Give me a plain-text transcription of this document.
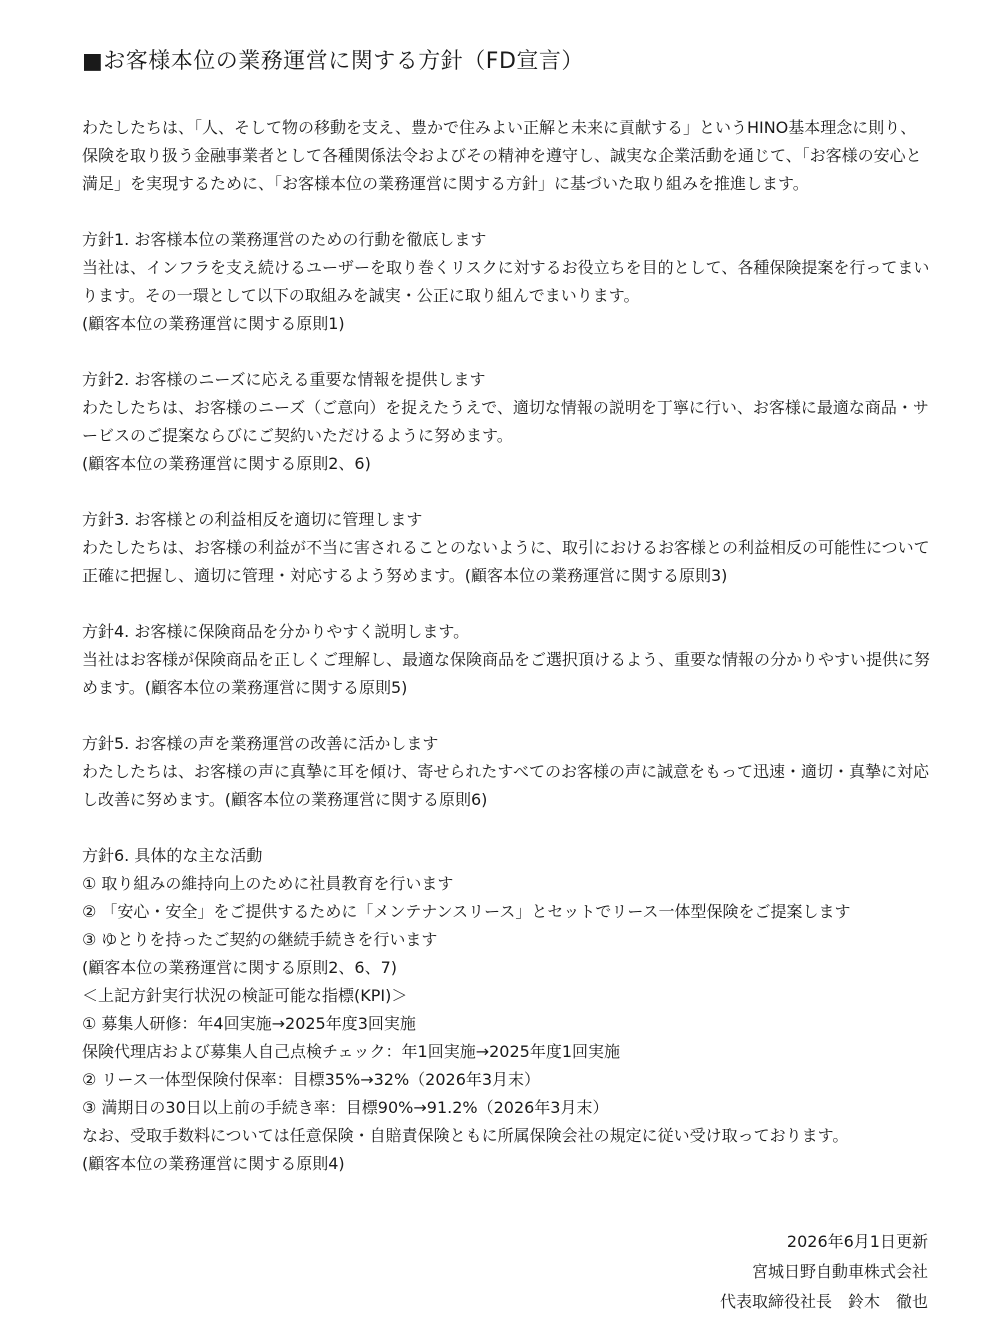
■お客様本位の業務運営に関する方針（FD宣言）

わたしたちは、「人、そして物の移動を支え、豊かで住みよい正解と未来に貢献する」というHINO基本理念に則り、保険を取り扱う金融事業者として各種関係法令およびその精神を遵守し、誠実な企業活動を通じて、「お客様の安心と満足」を実現するために、「お客様本位の業務運営に関する方針」に基づいた取り組みを推進します。

方針1. お客様本位の業務運営のための行動を徹底します

当社は、インフラを支え続けるユーザーを取り巻くリスクに対するお役立ちを目的として、各種保険提案を行ってまいります。その一環として以下の取組みを誠実・公正に取り組んでまいります。

(顧客本位の業務運営に関する原則1)

方針2. お客様のニーズに応える重要な情報を提供します

わたしたちは、お客様のニーズ（ご意向）を捉えたうえで、適切な情報の説明を丁寧に行い、お客様に最適な商品・サービスのご提案ならびにご契約いただけるように努めます。

(顧客本位の業務運営に関する原則2、6)

方針3. お客様との利益相反を適切に管理します

わたしたちは、お客様の利益が不当に害されることのないように、取引におけるお客様との利益相反の可能性について正確に把握し、適切に管理・対応するよう努めます。(顧客本位の業務運営に関する原則3)

方針4. お客様に保険商品を分かりやすく説明します。

当社はお客様が保険商品を正しくご理解し、最適な保険商品をご選択頂けるよう、重要な情報の分かりやすい提供に努めます。(顧客本位の業務運営に関する原則5)

方針5. お客様の声を業務運営の改善に活かします

わたしたちは、お客様の声に真摯に耳を傾け、寄せられたすべてのお客様の声に誠意をもって迅速・適切・真摯に対応し改善に努めます。(顧客本位の業務運営に関する原則6)

方針6. 具体的な主な活動

① 取り組みの維持向上のために社員教育を行います

② 「安心・安全」をご提供するために「メンテナンスリース」とセットでリース一体型保険をご提案します

③ ゆとりを持ったご契約の継続手続きを行います

(顧客本位の業務運営に関する原則2、6、7)

＜上記方針実行状況の検証可能な指標(KPI)＞

① 募集人研修：年4回実施→2025年度3回実施

保険代理店および募集人自己点検チェック：年1回実施→2025年度1回実施

② リース一体型保険付保率：目標35%→32%（2026年3月末）

③ 満期日の30日以上前の手続き率：目標90%→91.2%（2026年3月末）

なお、受取手数料については任意保険・自賠責保険ともに所属保険会社の規定に従い受け取っております。

(顧客本位の業務運営に関する原則4)

2026年6月1日更新

宮城日野自動車株式会社

代表取締役社長　鈴木　徹也
